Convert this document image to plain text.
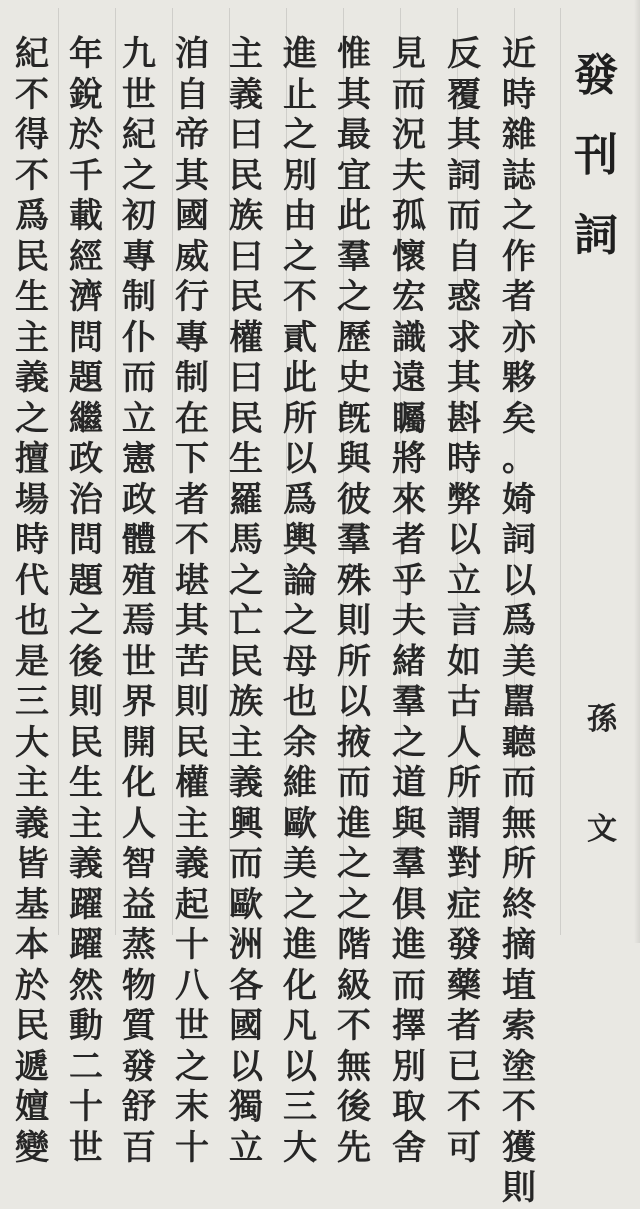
發
刊
詞
孫
文
近
時
雜
誌
之
作
者
亦
夥
矣
。
婍
詞
以
爲
美
嚚
聽
而
無
所
終
摘
埴
索
塗
不
獲
則
反
覆
其
詞
而
自
惑
求
其
斟
時
弊
以
立
言
如
古
人
所
謂
對
症
發
藥
者
已
不
可
見
而
況
夫
孤
懷
宏
識
遠
矚
將
來
者
乎
夫
緒
羣
之
道
與
羣
俱
進
而
擇
別
取
舍
惟
其
最
宜
此
羣
之
歷
史
旣
與
彼
羣
殊
則
所
以
掖
而
進
之
之
階
級
不
無
後
先
進
止
之
別
由
之
不
貳
此
所
以
爲
輿
論
之
母
也
余
維
歐
美
之
進
化
凡
以
三
大
主
義
曰
民
族
曰
民
權
曰
民
生
羅
馬
之
亡
民
族
主
義
興
而
歐
洲
各
國
以
獨
立
洎
自
帝
其
國
威
行
專
制
在
下
者
不
堪
其
苦
則
民
權
主
義
起
十
八
世
之
末
十
九
世
紀
之
初
專
制
仆
而
立
憲
政
體
殖
焉
世
界
開
化
人
智
益
蒸
物
質
發
舒
百
年
銳
於
千
載
經
濟
問
題
繼
政
治
問
題
之
後
則
民
生
主
義
躍
躍
然
動
二
十
世
紀
不
得
不
爲
民
生
主
義
之
擅
場
時
代
也
是
三
大
主
義
皆
基
本
於
民
遞
嬗
變
